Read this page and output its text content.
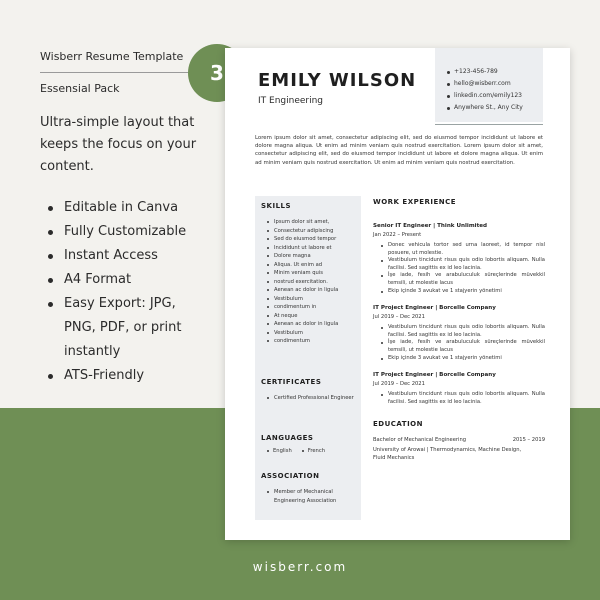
Wisberr Resume Template
Essensial Pack
3
Ultra-simple layout that keeps the focus on your content.
Editable in Canva
Fully Customizable
Instant Access
A4 Format
Easy Export: JPG, PNG, PDF, or print instantly
ATS-Friendly
EMILY WILSON
IT Engineering
+123-456-789
hello@wisberr.com
linkedin.com/emily123
Anywhere St., Any City
Lorem ipsum dolor sit amet, consectetur adipiscing elit, sed do eiusmod tempor incididunt ut labore et dolore magna aliqua. Ut enim ad minim veniam quis nostrud exercitation. Lorem ipsum dolor sit amet, consectetur adipiscing elit, sed do eiusmod tempor incididunt ut labore et dolore magna aliqua. Ut enim ad minim veniam quis nostrud exercitation. Ut enim ad minim veniam quis nostrud exercitation.
SKILLS
Ipsum dolor sit amet,
Consectetur adipiscing
Sed do eiusmod tempor
Incididunt ut labore et
Dolore magna
Aliqua. Ut enim ad
Minim veniam quis
nostrud exercitation.
Aenean ac dolor in ligula
Vestibulum
condimentum in
At neque
Aenean ac dolor in ligula
Vestibulum
condimentum
CERTIFICATES
Certified Professional Engineer
LANGUAGES
English	French
ASSOCIATION
Member of Mechanical Engineering Association
WORK EXPERIENCE
Senior IT Engineer | Think Unlimited
Jan 2022 – Present
Donec vehicula tortor sed urna laoreet, id tempor nisl posuere, ut molestie.
Vestibulum tincidunt risus quis odio lobortis aliquam. Nulla facilisi. Sed sagittis ex id leo lacinia.
İşe iade, fesih ve arabuluculuk süreçlerinde müvekkil temsili, ut molestie lacus
Ekip içinde 3 avukat ve 1 stajyerin yönetimi
IT Project Engineer | Borcelle Company
Jul 2019 – Dec 2021
Vestibulum tincidunt risus quis odio lobortis aliquam. Nulla facilisi. Sed sagittis ex id leo lacinia.
İşe iade, fesih ve arabuluculuk süreçlerinde müvekkil temsili, ut molestie lacus
Ekip içinde 3 avukat ve 1 stajyerin yönetimi
IT Project Engineer | Borcelle Company
Jul 2019 – Dec 2021
Vestibulum tincidunt risus quis odio lobortis aliquam. Nulla facilisi. Sed sagittis ex id leo lacinia.
EDUCATION
Bachelor of Mechanical Engineering	2015 – 2019
University of Arowai | Thermodynamics, Machine Design,
Fluid Mechanics
wisberr.com
